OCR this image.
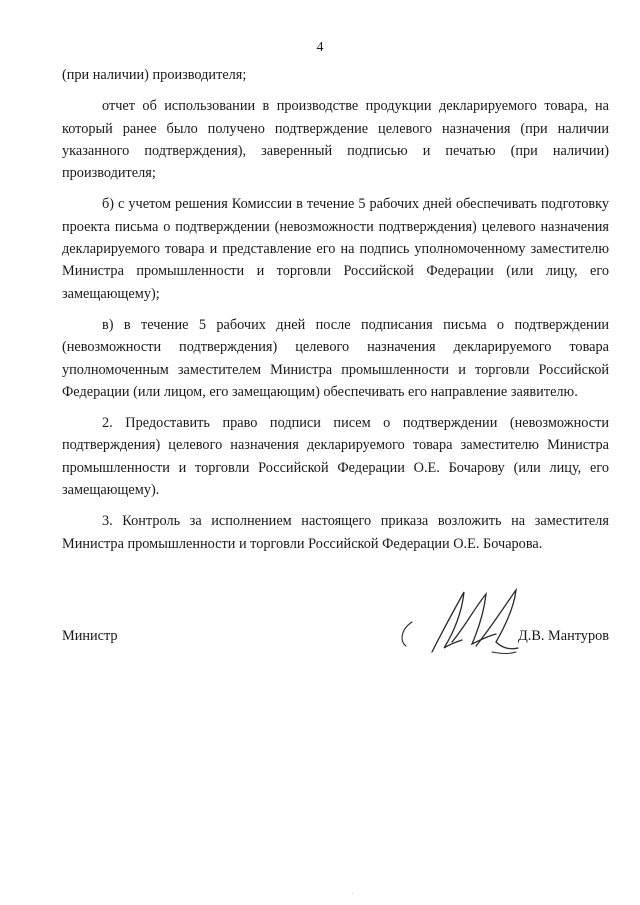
4

(при наличии) производителя;

отчет об использовании в производстве продукции декларируемого товара, на который ранее было получено подтверждение целевого назначения (при наличии указанного подтверждения), заверенный подписью и печатью (при наличии) производителя;

б) с учетом решения Комиссии в течение 5 рабочих дней обеспечивать подготовку проекта письма о подтверждении (невозможности подтверждения) целевого назначения декларируемого товара и представление его на подпись уполномоченному заместителю Министра промышленности и торговли Российской Федерации (или лицу, его замещающему);

в) в течение 5 рабочих дней после подписания письма о подтверждении (невозможности подтверждения) целевого назначения декларируемого товара уполномоченным заместителем Министра промышленности и торговли Российской Федерации (или лицом, его замещающим) обеспечивать его направление заявителю.

2. Предоставить право подписи писем о подтверждении (невозможности подтверждения) целевого назначения декларируемого товара заместителю Министра промышленности и торговли Российской Федерации О.Е. Бочарову (или лицу, его замещающему).

3. Контроль за исполнением настоящего приказа возложить на заместителя Министра промышленности и торговли Российской Федерации О.Е. Бочарова.

Министр	Д.В. Мантуров
